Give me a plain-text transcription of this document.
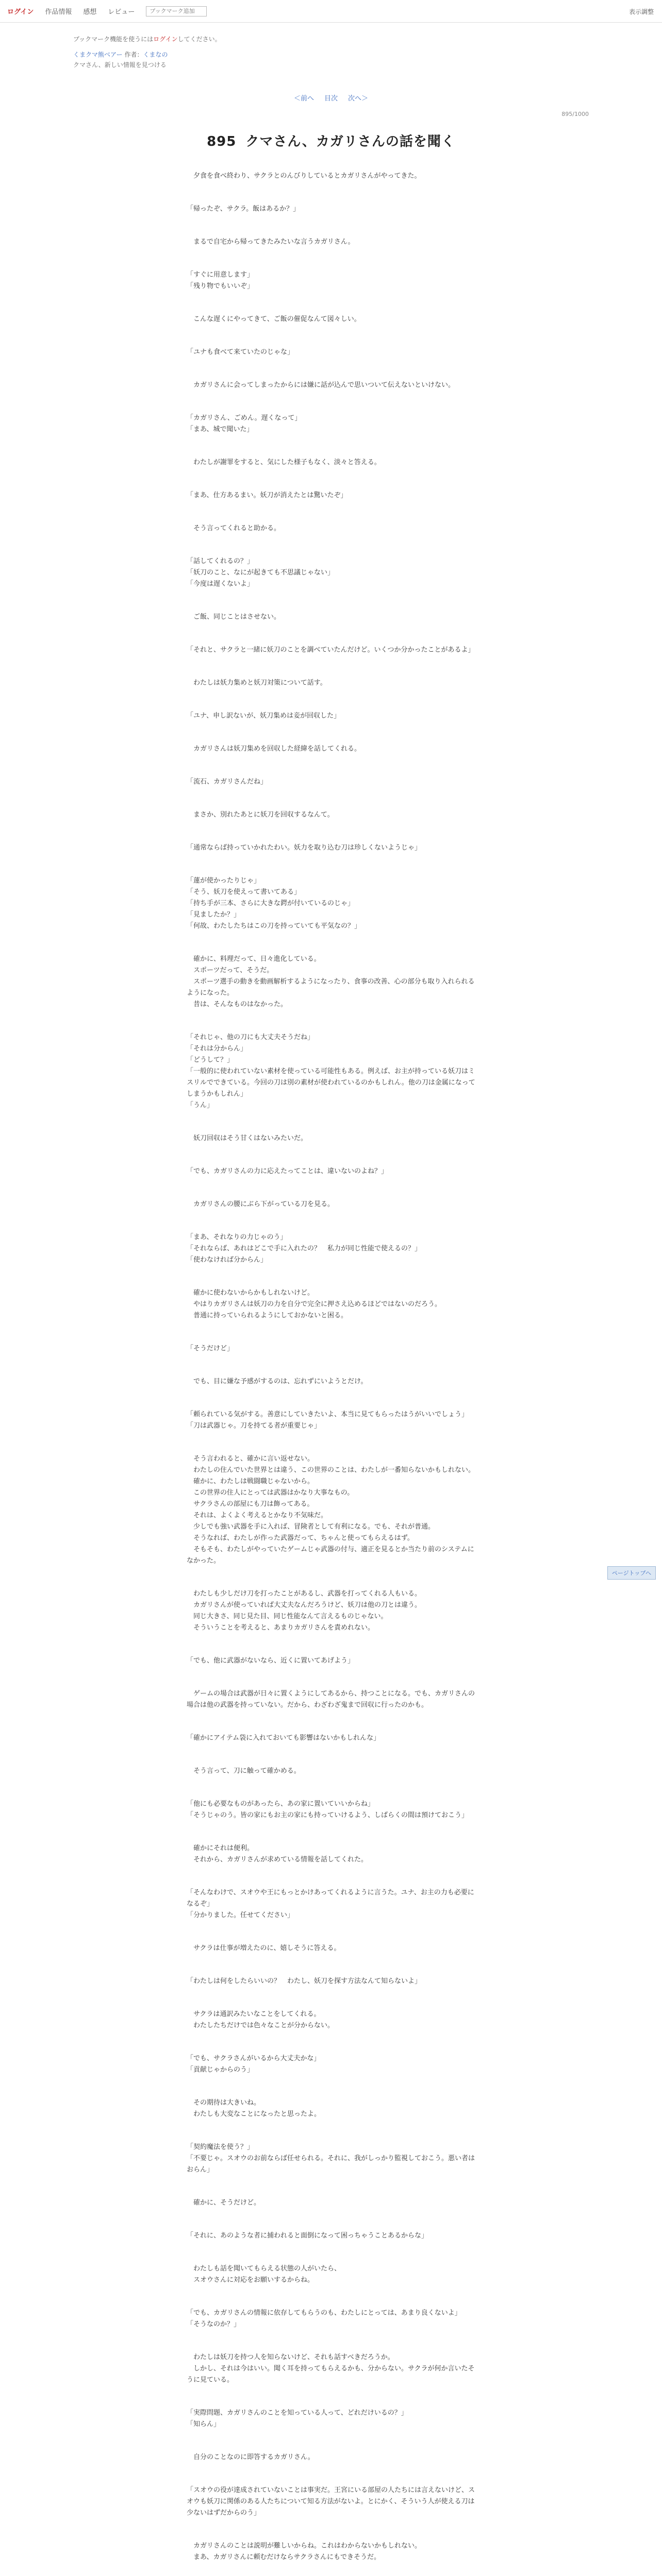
ログイン 作品情報 感想 レビュー
ブックマーク追加	表示調整
ブックマーク機能を使うにはログインしてください。
くまクマ熊ベアー 作者：くまなの
クマさん、新しい情報を見つける
＜前へ 目次 次へ＞
895/1000
895 クマさん、カガリさんの話を聞く

　夕食を食べ終わり、サクラとのんびりしているとカガリさんがやってきた。

「帰ったぞ、サクラ。飯はあるか？」

　まるで自宅から帰ってきたみたいな言うカガリさん。

「すぐに用意します」
「残り物でもいいぞ」

　こんな遅くにやってきて、ご飯の催促なんて図々しい。

「ユナも食べて来ていたのじゃな」

　カガリさんに会ってしまったからには嫌に話が込んで思いついて伝えないといけない。

「カガリさん、ごめん。遅くなって」
「まあ、城で聞いた」

　わたしが謝罪をすると、気にした様子もなく、淡々と答える。

「まあ、仕方あるまい。妖刀が消えたとは驚いたぞ」

　そう言ってくれると助かる。

「話してくれるの？」
「妖刀のこと、なにが起きても不思議じゃない」
「今度は遅くないよ」

　ご飯、同じことはさせない。

「それと、サクラと一緒に妖刀のことを調べていたんだけど。いくつか分かったことがあるよ」

　わたしは妖力集めと妖刀対策について話す。

「ユナ、申し訳ないが、妖刀集めは妾が回収した」

　カガリさんは妖刀集めを回収した経緯を話してくれる。

「流石、カガリさんだね」

　まさか、別れたあとに妖刀を回収するなんて。

「通常ならば持っていかれたわい。妖力を取り込む刀は珍しくないようじゃ」

「蓮が使かったりじゃ」
「そう、妖刀を使えって書いてある」
「持ち手が三本、さらに大きな鍔が付いているのじゃ」
「見ましたか？」
「何故、わたしたちはこの刀を持っていても平気なの？」

　確かに、料理だって、日々進化している。
　スポーツだって、そうだ。
　スポーツ選手の動きを動画解析するようになったり、食事の改善、心の部分も取り入れられるようになった。
　昔は、そんなものはなかった。

「それじゃ、他の刀にも大丈夫そうだね」
「それは分からん」
「どうして？」
「一般的に使われていない素材を使っている可能性もある。例えば、お主が持っている妖刀はミスリルでできている。今回の刀は別の素材が使われているのかもしれん。他の刀は金属になってしまうかもしれん」
「うん」

　妖刀回収はそう甘くはないみたいだ。

「でも、カガリさんの力に応えたってことは、違いないのよね？」

　カガリさんの腰にぶら下がっている刀を見る。

「まあ、それなりの力じゃのう」
「それならば、あれはどこで手に入れたの？　私力が同じ性能で使えるの？」
「使わなければ分からん」

　確かに使わないからかもしれないけど。
　やはりカガリさんは妖刀の力を自分で完全に押さえ込めるほどではないのだろう。
　普通に持っていられるようにしておかないと困る。

「そうだけど」

　でも、目に嫌な予感がするのは、忘れずにいようとだけ。

「頼られている気がする。善意にしていきたいよ、本当に見てもらったはうがいいでしょう」
「刀は武器じゃ。刀を持てる者が重要じゃ」

　そう言われると、確かに言い返せない。
　わたしの住んでいた世界とは違う、この世界のことは、わたしが一番知らないかもしれない。
　確かに、わたしは戦闘職じゃないから。
　この世界の住人にとっては武器はかなり大事なもの。
　サクラさんの部屋にも刀は飾ってある。
　それは、よくよく考えるとかなり不気味だ。
　少しでも強い武器を手に入れば、冒険者として有利になる。でも、それが普通。
　そうなれば、わたしが作った武器だって、ちゃんと使ってもらえるはず。
　そもそも、わたしがやっていたゲームじゃ武器の付与、適正を見るとか当たり前のシステムになかった。

　わたしも少しだけ刀を打ったことがあるし、武器を打ってくれる人もいる。
　カガリさんが使っていれば大丈夫なんだろうけど、妖刀は他の刀とは違う。
　同じ大きさ、同じ見た目、同じ性能なんて言えるものじゃない。
　そういうことを考えると、あまりカガリさんを責めれない。

「でも、他に武器がないなら、近くに置いてあげよう」

　ゲームの場合は武器が日々に置くようにしてあるから、持つことになる。でも、カガリさんの場合は他の武器を持っていない。だから、わざわざ鬼まで回収に行ったのかも。

「確かにアイテム袋に入れておいても影響はないかもしれんな」

　そう言って、刀に触って確かめる。

「他にも必要なものがあったら、あの家に置いていいからね」
「そうじゃのう。皆の家にもお主の家にも持っていけるよう、しばらくの間は預けておこう」

　確かにそれは便利。
　それから、カガリさんが求めている情報を話してくれた。

「そんなわけで、スオウや王にもっとかけあってくれるように言うた。ユナ、お主の力も必要になるぞ」
「分かりました。任せてください」

　サクラは仕事が増えたのに、嬉しそうに答える。

「わたしは何をしたらいいの？　わたし、妖刀を探す方法なんて知らないよ」

　サクラは通訳みたいなことをしてくれる。
　わたしたちだけでは色々なことが分からない。

「でも、サクラさんがいるから大丈夫かな」
「貢献じゃからのう」

　その期待は大きいね。
　わたしも大変なことになったと思ったよ。

「契約魔法を使う？」
「不要じゃ。スオウのお前ならば任せられる。それに、我がしっかり監視しておこう。悪い者はおらん」

　確かに、そうだけど。

「それに、あのような者に捕われると面倒になって困っちゃうことあるからな」

　わたしも話を聞いてもらえる状態の人がいたら、
　スオウさんに対応をお願いするからね。

「でも、カガリさんの情報に依存してもらうのも、わたしにとっては、あまり良くないよ」
「そうなのか？」

　わたしは妖刀を持つ人を知らないけど、それも話すべきだろうか。
　しかし、それは今はいい。聞く耳を持ってもらえるかも、分からない。サクラが何か言いたそうに見ている。

「実際問題、カガリさんのことを知っている人って、どれだけいるの？」
「知らん」

　自分のことなのに即答するカガリさん。

「スオウの役が達成されていないことは事実だ。王宮にいる部屋の人たちには言えないけど、スオウも妖刀に関係のある人たちについて知る方法がないよ。とにかく、そういう人が使える刀は少ないはずだからのう」

　カガリさんのことは説明が難しいからね。これはわからないかもしれない。
　まあ、カガリさんに頼むだけならサクラさんにもできそうだ。

ページトップへ
